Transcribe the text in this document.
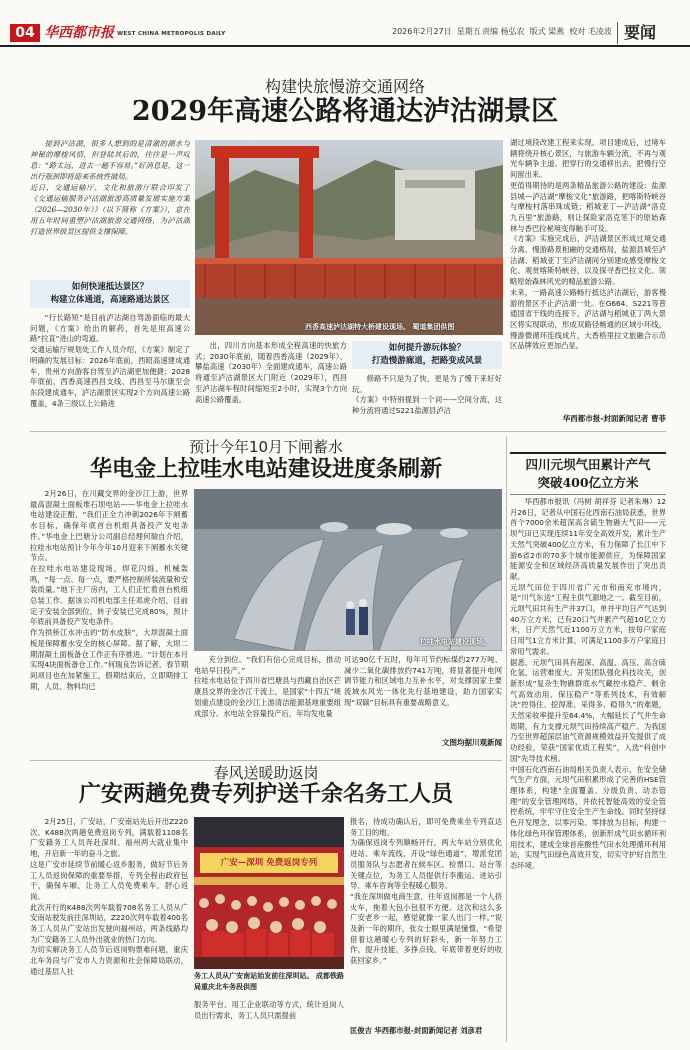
04 华西都市报 WEST CHINA METROPOLIS DAILY	2026年2月27日  星期五 责编 杨弘农  版式 梁燕  校对 毛凌波 要闻
构建快旅慢游交通网络
2029年高速公路将通达泸沽湖景区
提到泸沽湖，很多人想到的是清澈的湖水与神秘的摩梭风情，但登陆其后的，往往是一声叹息：“路太远，进去一趟不容易。”好消息是，这一出行瓶颈即将迎来系统性破局。
近日，交通运输厅、文化和旅游厅联合印发了《交通运输服务泸沽湖旅游高质量发展实施方案（2026—2030年）》（以下简称《方案》），意在用五年时间重塑泸沽湖旅游交通网络，为泸沽湖打造世界级景区提供支撑保障。
如何快速抵达景区？
构建立体通道，高速路通达景区
“行长路短”是目前泸沽湖自驾游面临的最大问题，《方案》给出的解药，首先是用高速公路“拉直”进山的弯道。
交通运输厅规划处工作人员介绍，《方案》制定了明确的发展目标：2026年底前，西昭高速建成通车，贵州方向游客自驾至泸沽湖更加便捷；2028年底前，西香高速西昌支线、西昌至马尔康至会东段建成通车，泸沽湖景区实现2个方向高速公路覆盖，4条三级以上公路进
西香高速泸沽湖特大桥建设现场。 蜀道集团供图
出，四川方向基本形成全程高速的快旅方式；2030年底前，随着西香高速（2029年）、攀盐高速（2030年）全面建成通车，高速公路将通至泸沽湖景区大门附近（2029年），西昌至泸沽湖车程时间缩短至2小时，实现3个方向高速公路覆盖。
如何提升游玩体验？
打造慢游廊道，把路变成风景
修路不只是为了快，更是为了慢下来好好玩。
《方案》中特别提到一个词——空间分流，这种分流将通过S221盐源县泸沽
湖过境段改建工程来实现。项目建成后，过境车辆将绕开核心景区，与旅游车辆分流，不再与观光车辆争主道。把穿行的交通移出去，把慢行空间留出来。
更值得期待的是两条精品旅游公路的建设：盐源县城—泸沽湖“摩梭文化”旅游路，把喀斯特峡谷与摩梭村落串珠成链；稻城亚丁—泸沽湖“洛克九百里”旅游路，则让探险家洛克笔下的原始森林与香巴拉秘境变得触手可及。
《方案》实施完成后，泸沽湖景区形成过境交通分离、慢游路景相融的交通格局，盐源县城至泸沽湖、稻城亚丁至泸沽湖间分别建成感受摩梭文化、观赏喀斯特峡谷，以及探寻香巴拉文化、领略原始森林风光的精品旅游公路。
未来，一路高速公路畅行抵达泸沽湖后，游客慢游的景区不止泸沽湖一处。在G664、S221等普通国省干线的连接下，泸沽湖与稻城亚丁两大景区将实现联动，形成双路径畅通的区域小环线，慢游微循环连线成片，大香格里拉文旅融合示范区品牌效应更加凸显。
华西都市报-封面新闻记者 曹菲
预计今年10月下闸蓄水
华电金上拉哇水电站建设进度条刷新
2月26日，在川藏交界的金沙江上游，世界最高混凝土面板堆石坝电站——华电金上拉哇水电站建设正酣，“我们正全力冲刺2026年下闸蓄水目标，确保年底首台机组具备投产发电条件。”华电金上巴塘分公司副总经理何瑞自介绍，拉哇水电站预计今年今年10月迎来下闸蓄水关键节点。
在拉哇水电站建设现场，焊花闪烁，机械轰鸣，“每一点、每一点，要严格控制所装流量和安装质量。”地下主厂房内，工人们正忙着首台机组总装工作。据该公司机电部主任邓虎介绍，目前定子安装全部到位，转子安装已完成80%，预计年底前具备投产发电条件。
作为拱桥江水冲击的“防水皮肤”，大坝混凝土面板是保障蓄水安全的核心屏障。据了解，大坝二期混凝土面板备仓工作正有序推进。“计划在本月实现4块面板备仓工作。”何瑞良告诉记者，春节期间项目也在加紧施工，假期结束后，立即期排工期，人员、物料均已
拉哇水电站建设现场。
充分到位。“我们有信心完成目标，推动电站早日投产。”
拉哇水电站位于四川省巴塘县与西藏自治区芒康县交界的金沙江干流上，是国家“十四五”规划重点建设的金沙江上游清洁能源基地重要组成部分。水电站全容量投产后，年均发电量
可达90亿千瓦时，每年可节约标煤约277万吨、减少二氧化碳排放约741万吨，将显著提升电网调节能力和区域电力互补水平，对支撑国家主要流域水风光一体化先行基地建设，助力国家实现“双碳”目标具有重要战略意义。
文图均据川观新闻
春风送暖助返岗
广安两趟免费专列护送千余名务工人员
2月25日，广安站，广安南站先后开出Z220次、K488次两趟免费返岗专列，满载着1108名广安籍务工人员奔赴深圳、福州两大就业集中地，开启新一年的奋斗之旅。
这是广安市延续节前暖心返乡服务，做好节后务工人员返岗保障的重要举措，专列全程由政府包干，确保车厢，让务工人员免费乘车，舒心返岗。
此次开行的K488次列车载着708名务工人员从广安南站驶发前往深圳站，Z220次列车载着400名务工人员从广安站出发驶向福州站，两条线路均为广安籍务工人员外出就业的热门方向。
为切实解决务工人员节后返岗购票难问题，重庆北车务段与广安市人力资源和社会保障局联动，通过基层人社
广安—深圳 免费返岗专列
务工人员从广安南站始发前往深圳站。 成都铁路局重庆北车务段供图
服务平台、用工企业联动等方式，统计返岗人员出行需求，务工人员只需提前
报名，待成功确认后，即可免费乘坐专列直达务工目的地。
为确保返岗专列顺畅开行，两大车站分别优化进站、乘车流线，开设“绿色通道”，增派党团员服务队与志愿者在候车区、检票口、站台等关键点位，为务工人员提供行李搬运、进站引导、乘车咨询等全程暖心服务。
“我在深圳做电商生意，往年返岗都是一个人挤火车，拖着大包小包很不方便。这次和这么多广安老乡一起，感觉就像一家人出门一样。”说及新一年的期许，张女士眼里满是憧憬，“希望借着这趟暖心专列的好彩头，新一年努力工作，提升技能，多挣点钱，年底带着更好的收获回家乡。”
匡俊吉 华西都市报-封面新闻记者 刘彦君
四川元坝气田累计产气
突破400亿立方米
华西都市报讯（冯树 胡祥芬 记者朱琳）12月26日，记者从中国石化西南石油局获悉，世界首个7000余米超深高含硫生物礁大气田——元坝气田已实现连续11年安全高效开发，累计生产天然气突破400亿立方米，有力保障了长江中下游6省2市的70多个城市能源供应，为保障国家能源安全和区域经济高质量发展作出了突出贡献。
元坝气田位于四川省广元市和南充市境内，是“川气东送”工程主供气源地之一。截至目前，元坝气田共有生产井37口，单井平均日产气达到40万立方米，已有20口气井累产气超10亿立方米，日产天然气近1100万立方米，按每户家庭日用气1立方米计算，可满足1100多万户家庭日常用气需求。
据悉，元坝气田具有超深、高温、高压、高含硫化氢，运营难度大。开发团队强化科技攻关，创新形成“复杂生物礁群底水气藏控水稳产、剩余气高效动用、保压稳产”等系列技术，有效解决“控得住、挖得准、采得多、稳得久”的难题，天然采收率提升至64.4%，大幅延长了气井生命周期，有力支撑元坝气田持续高产稳产。为我国乃至世界超深层油气资源规模效益开发提供了成功经验，荣获“国家优质工程奖”，入选“科创中国”先导技术榜。
中国石化西南石油局相关负责人表示，在安全储气生产方面，元坝气田积累形成了完善的HSE管理体系，构建“全面覆盖、分级负责、动态管理”的安全管理网络，并依托智能高效的安全管控系统，牢牢守住安全生产生命线。同时坚持绿色开发理念，以零污染、零排放为目标，构建一体化绿色环保管理体系，创新形成气田水循环利用技术，建成全球首座酸性气田水处理循环利用站，实现气田绿色高效开发，切实守护好自然生态环境。
